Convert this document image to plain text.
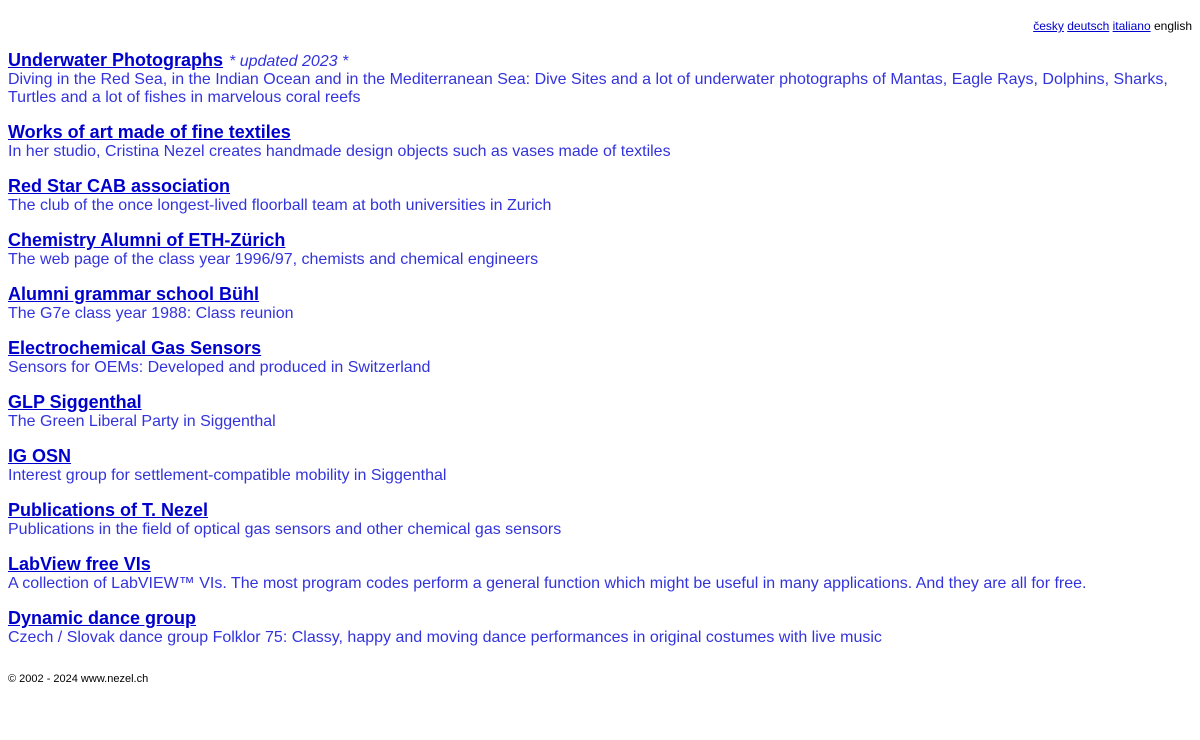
česky deutsch italiano english
Underwater Photographs * updated 2023 *
Diving in the Red Sea, in the Indian Ocean and in the Mediterranean Sea: Dive Sites and a lot of underwater photographs of Mantas, Eagle Rays, Dolphins, Sharks, Turtles and a lot of fishes in marvelous coral reefs
Works of art made of fine textiles
In her studio, Cristina Nezel creates handmade design objects such as vases made of textiles
Red Star CAB association
The club of the once longest-lived floorball team at both universities in Zurich
Chemistry Alumni of ETH-Zürich
The web page of the class year 1996/97, chemists and chemical engineers
Alumni grammar school Bühl
The G7e class year 1988: Class reunion
Electrochemical Gas Sensors
Sensors for OEMs: Developed and produced in Switzerland
GLP Siggenthal
The Green Liberal Party in Siggenthal
IG OSN
Interest group for settlement-compatible mobility in Siggenthal
Publications of T. Nezel
Publications in the field of optical gas sensors and other chemical gas sensors
LabView free VIs
A collection of LabVIEW™ VIs. The most program codes perform a general function which might be useful in many applications. And they are all for free.
Dynamic dance group
Czech / Slovak dance group Folklor 75: Classy, happy and moving dance performances in original costumes with live music
© 2002 - 2024 www.nezel.ch
